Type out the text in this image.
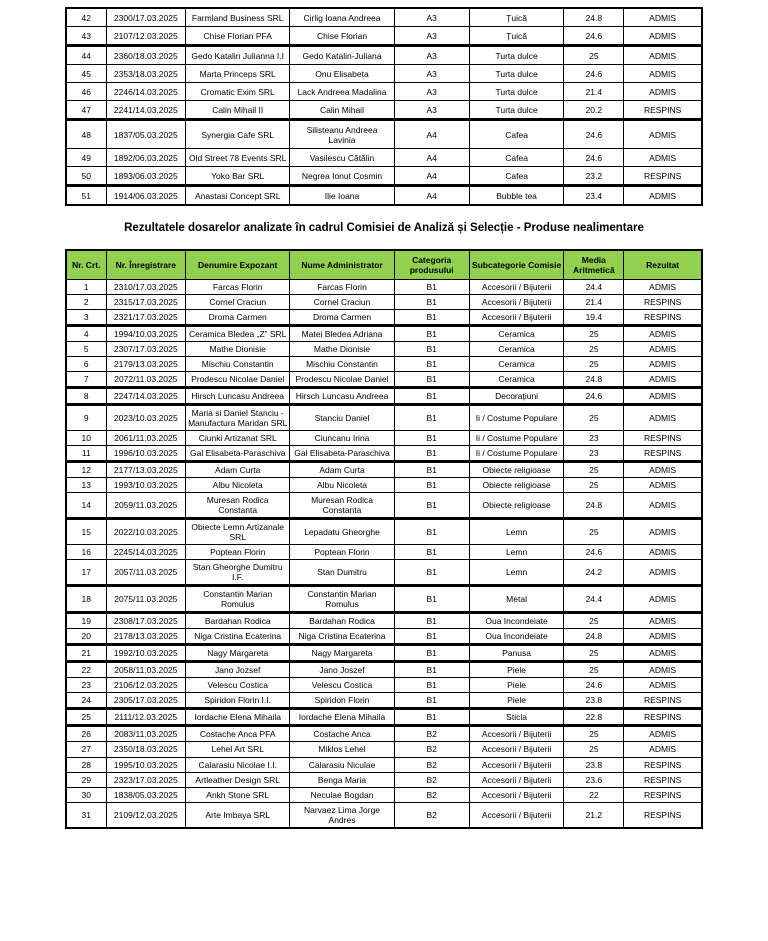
42	2300/17.03.2025	Farmland Business SRL	Cirlig Ioana Andreea	A3	Țuică	24.8	ADMIS
43	2107/12.03.2025	Chise Florian PFA	Chise Florian	A3	Țuică	24.6	ADMIS
44	2360/18.03.2025	Gedo Katalin Julianna I.I	Gedo Katalin-Juliana	A3	Turta dulce	25	ADMIS
45	2353/18.03.2025	Marta Princeps SRL	Onu Elisabeta	A3	Turta dulce	24.6	ADMIS
46	2246/14.03.2025	Cromatic Exim SRL	Lack Andreea Madalina	A3	Turta dulce	21.4	ADMIS
47	2241/14.03.2025	Calin Mihail II	Calin Mihail	A3	Turta dulce	20.2	RESPINS
48	1837/05.03.2025	Synergia Cafe SRL	Silisteanu Andreea Lavinia	A4	Cafea	24.6	ADMIS
49	1892/06.03.2025	Old Street 78 Events SRL	Vasilescu Cătălin	A4	Cafea	24.6	ADMIS
50	1893/06.03.2025	Yoko Bar SRL	Negrea Ionut Cosmin	A4	Cafea	23.2	RESPINS
51	1914/06.03.2025	Anastasi Concept SRL	Ilie Ioana	A4	Bubble tea	23.4	ADMIS
Rezultatele dosarelor analizate în cadrul Comisiei de Analiză și Selecție - Produse nealimentare
Nr. Crt.	Nr. Înregistrare	Denumire Expozant	Nume Administrator	Categoria produsului	Subcategorie Comisie	Media Aritmetică	Rezultat
1	2310/17.03.2025	Farcas Florin	Farcas Florin	B1	Accesorii / Bijuterii	24.4	ADMIS
2	2315/17.03.2025	Cornel Craciun	Cornel Craciun	B1	Accesorii / Bijuterii	21.4	RESPINS
3	2321/17.03.2025	Droma Carmen	Droma Carmen	B1	Accesorii / Bijuterii	19.4	RESPINS
4	1994/10.03.2025	Ceramica Bledea „Z” SRL	Matei Bledea Adriana	B1	Ceramica	25	ADMIS
5	2307/17.03.2025	Mathe Dionisie	Mathe Dionisie	B1	Ceramica	25	ADMIS
6	2179/13.03.2025	Mischiu Constantin	Mischiu Constantin	B1	Ceramica	25	ADMIS
7	2072/11.03.2025	Prodescu Nicolae Daniel	Prodescu Nicolae Daniel	B1	Ceramica	24.8	ADMIS
8	2247/14.03.2025	Hirsch Luncasu Andreea	Hirsch Luncasu Andreea	B1	Decorațiuni	24.6	ADMIS
9	2023/10.03.2025	Maria si Daniel Stanciu -Manufactura Maridan SRL	Stanciu Daniel	B1	Ii / Costume Populare	25	ADMIS
10	2061/11.03.2025	Ciunki Artizanat SRL	Ciuncanu Irina	B1	Ii / Costume Populare	23	RESPINS
11	1996/10.03.2025	Gal Elisabeta-Paraschiva	Gal Elisabeta-Paraschiva	B1	Ii / Costume Populare	23	RESPINS
12	2177/13.03.2025	Adam Curta	Adam Curta	B1	Obiecte religioase	25	ADMIS
13	1993/10.03.2025	Albu Nicoleta	Albu Nicoleta	B1	Obiecte religioase	25	ADMIS
14	2059/11.03.2025	Muresan Rodica Constanta	Muresan Rodica Constanta	B1	Obiecte religioase	24.8	ADMIS
15	2022/10.03.2025	Obiecte Lemn Artizanale SRL	Lepadatu Gheorghe	B1	Lemn	25	ADMIS
16	2245/14.03.2025	Poptean Florin	Poptean Florin	B1	Lemn	24.6	ADMIS
17	2057/11.03.2025	Stan Gheorghe Dumitru I.F.	Stan Dumitru	B1	Lemn	24.2	ADMIS
18	2075/11.03.2025	Constantin Marian Romulus	Constantin Marian Romulus	B1	Metal	24.4	ADMIS
19	2308/17.03.2025	Bardahan Rodica	Bardahan Rodica	B1	Oua Incondeiate	25	ADMIS
20	2178/13.03.2025	Niga Cristina Ecaterina	Niga Cristina Ecaterina	B1	Oua Incondeiate	24.8	ADMIS
21	1992/10.03.2025	Nagy Margareta	Nagy Margareta	B1	Panusa	25	ADMIS
22	2058/11.03.2025	Jano Jozsef	Jano Joszef	B1	Piele	25	ADMIS
23	2106/12.03.2025	Velescu Costica	Velescu Costica	B1	Piele	24.6	ADMIS
24	2305/17.03.2025	Spiridon Florin I.I.	Spiridon Florin	B1	Piele	23.8	RESPINS
25	2111/12.03.2025	Iordache Elena Mihaila	Iordache Elena Mihaila	B1	Sticla	22.8	RESPINS
26	2083/11.03.2025	Costache Anca PFA	Costache Anca	B2	Accesorii / Bijuterii	25	ADMIS
27	2350/18.03.2025	Lehel Art SRL	Miklos Lehel	B2	Accesorii / Bijuterii	25	ADMIS
28	1995/10.03.2025	Calarasiu Nicolae I.I.	Calarasiu Niculae	B2	Accesorii / Bijuterii	23.8	RESPINS
29	2323/17.03.2025	Artleather Design SRL	Benga Maria	B2	Accesorii / Bijuterii	23.6	RESPINS
30	1838/05.03.2025	Ankh Stone SRL	Neculae Bogdan	B2	Accesorii / Bijuterii	22	RESPINS
31	2109/12.03.2025	Arte Imbaya SRL	Narvaez Lima Jorge Andres	B2	Accesorii / Bijuterii	21.2	RESPINS
